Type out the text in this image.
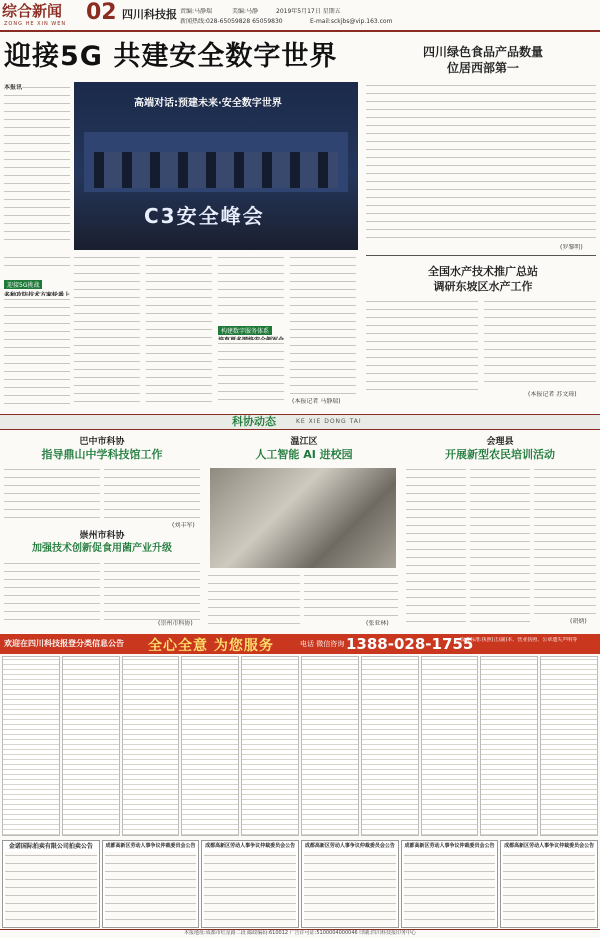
综合新闻
ZONG HE XIN WEN 02 四川科技报 责编:马静瑞	美编:马静	2019年5月17日 星期五
新闻热线:028-65059828 65059830	E-mail:sckjbs@vip.163.com
迎接5G 共建安全数字世界
本报讯
高端对话:预建未来·安全数字世界
C3安全峰会
四川绿色食品产品数量
位居西部第一
(罗黎明)
迎接5G挑战
构建数字服务体系
(本报记者 马静瑞)
全国水产技术推广总站
调研东坡区水产工作
(本报记者 苏文琦)
科协动态	KE XIE DONG TAI
巴中市科协
指导鼎山中学科技馆工作
(刘丰军)
崇州市科协
加强技术创新促食用菌产业升级
(崇州市科协)
温江区
人工智能 AI 进校园
(张亚林)
会理县
开展新型农民培训活动
(胡炳)
欢迎在四川科技报登分类信息公告 全心全意 为您服务	电话 微信咨询 1388-028-1755
收费标准:执照(正/副)本、营业执照、公章遗失声明等
金诺国际拍卖有限公司拍卖公告	成都高新区劳动人事争议仲裁委员会公告	成都高新区劳动人事争议仲裁委员会公告	成都高新区劳动人事争议仲裁委员会公告	成都高新区劳动人事争议仲裁委员会公告	成都高新区劳动人事争议仲裁委员会公告
本报地址:成都市红星路二段 邮政编码:610012 广告许可证:5100004000046 印刷:四川科技报印务中心
